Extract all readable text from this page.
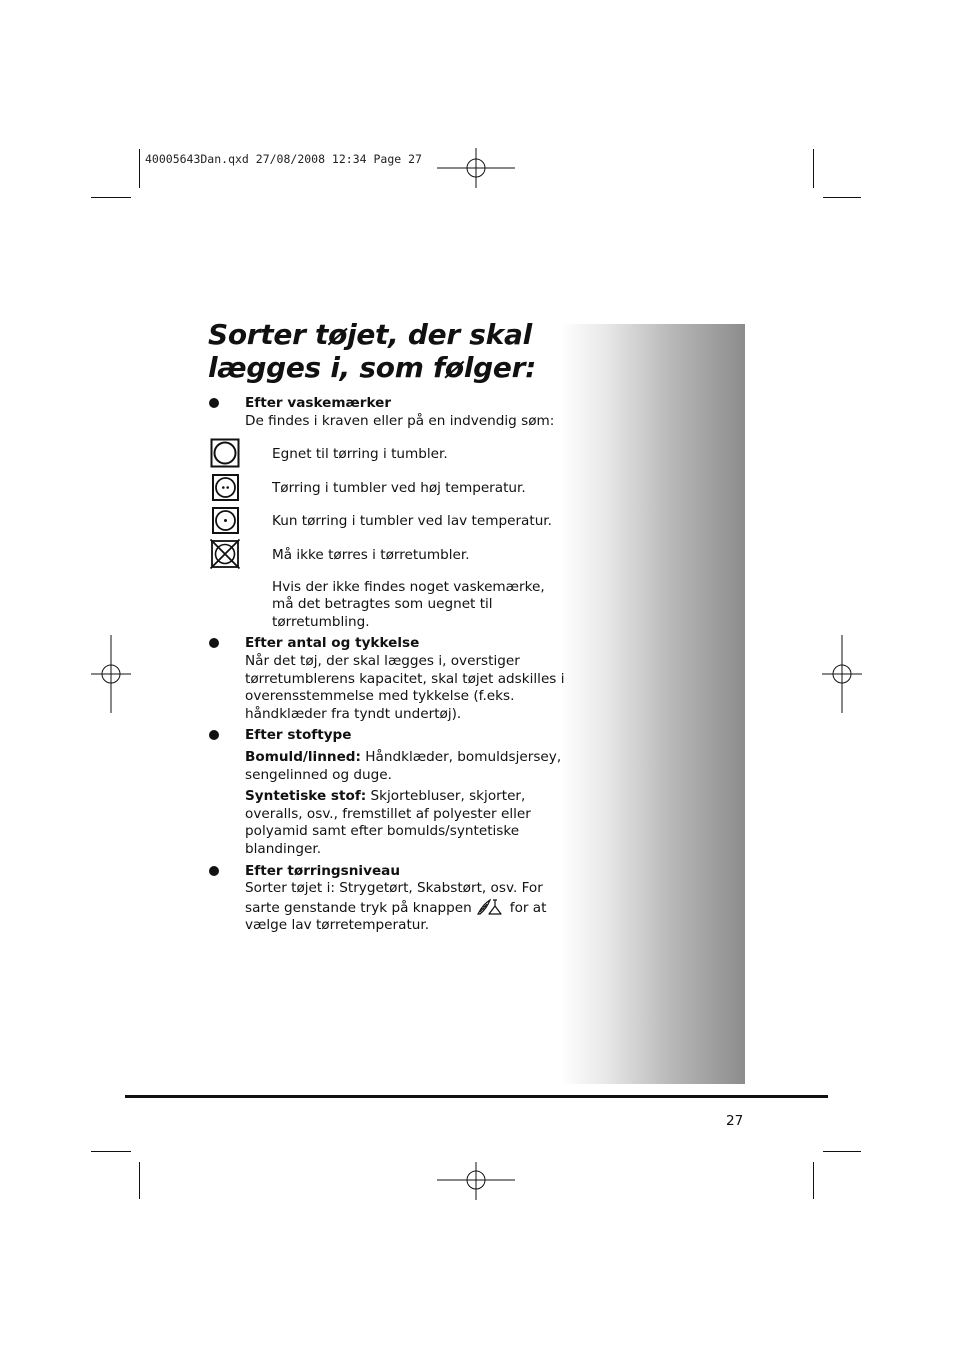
40005643Dan.qxd 27/08/2008 12:34 Page 27
Sorter tøjet, der skal
lægges i, som følger:
Efter vaskemærker
De findes i kraven eller på en indvendig søm:
Egnet til tørring i tumbler.
Tørring i tumbler ved høj temperatur.
Kun tørring i tumbler ved lav temperatur.
Må ikke tørres i tørretumbler.
Hvis der ikke findes noget vaskemærke, må det betragtes som uegnet til tørretumbling.
Efter antal og tykkelse
Når det tøj, der skal lægges i, overstiger tørretumblerens kapacitet, skal tøjet adskilles i overensstemmelse med tykkelse (f.eks. håndklæder fra tyndt undertøj).
Efter stoftype

Bomuld/linned: Håndklæder, bomuldsjersey, sengelinned og duge.

Syntetiske stof: Skjortebluser, skjorter, overalls, osv., fremstillet af polyester eller polyamid samt efter bomulds/syntetiske blandinger.

Efter tørringsniveau
Sorter tøjet i: Strygetørt, Skabstørt, osv. For sarte genstande tryk på knappen	for at vælge lav tørretemperatur.
27
